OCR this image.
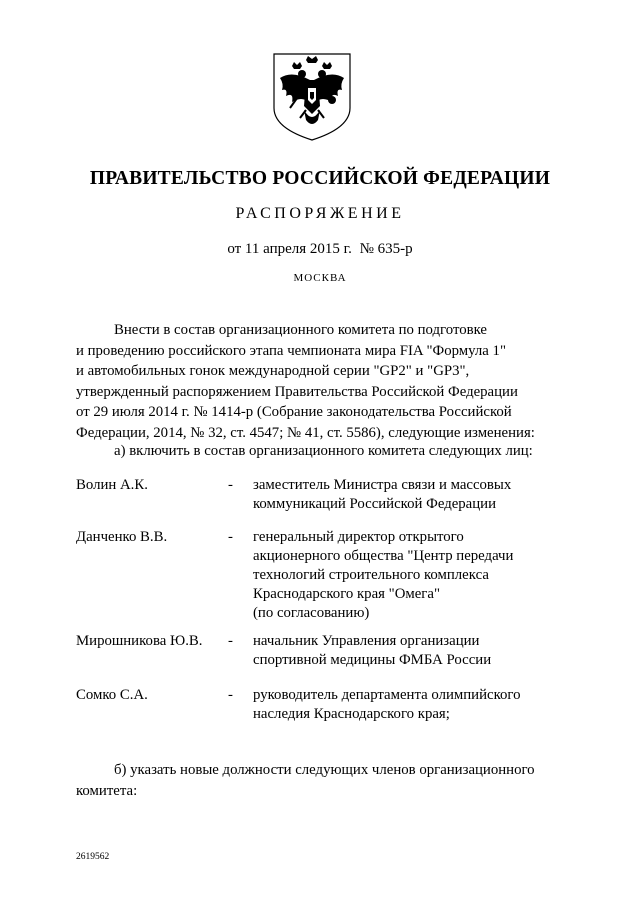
ПРАВИТЕЛЬСТВО РОССИЙСКОЙ ФЕДЕРАЦИИ
РАСПОРЯЖЕНИЕ
от 11 апреля 2015 г. № 635-р
МОСКВА
Внести в состав организационного комитета по подготовке
и проведению российского этапа чемпионата мира FIA "Формула 1"
и автомобильных гонок международной серии "GP2" и "GP3",
утвержденный распоряжением Правительства Российской Федерации
от 29 июля 2014 г. № 1414-р (Собрание законодательства Российской
Федерации, 2014, № 32, ст. 4547; № 41, ст. 5586), следующие изменения:
а) включить в состав организационного комитета следующих лиц:
Волин А.К.	- заместитель Министра связи и массовых
коммуникаций Российской Федерации
Данченко В.В.	- генеральный директор открытого
акционерного общества "Центр передачи
технологий строительного комплекса
Краснодарского края "Омега"
(по согласованию)
Мирошникова Ю.В.	- начальник Управления организации
спортивной медицины ФМБА России
Сомко С.А.	- руководитель департамента олимпийского
наследия Краснодарского края;
б) указать новые должности следующих членов организационного
комитета:
2619562
